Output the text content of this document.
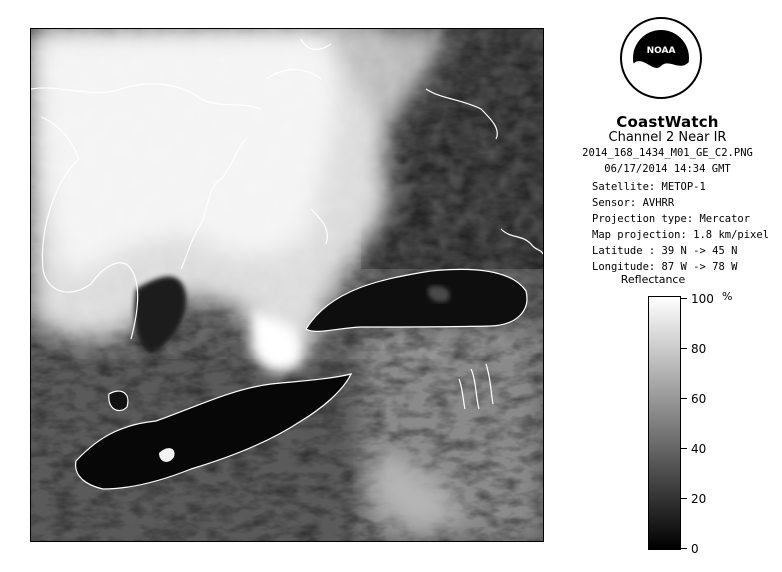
NOAA
CoastWatch
Channel 2 Near IR
2014_168_1434_M01_GE_C2.PNG
06/17/2014 14:34 GMT
Satellite: METOP-1
Sensor: AVHRR
Projection type: Mercator
Map projection: 1.8 km/pixel
Latitude : 39 N -> 45 N
Longitude: 87 W -> 78 W
Reflectance
%
100
80
60
40
20
0
